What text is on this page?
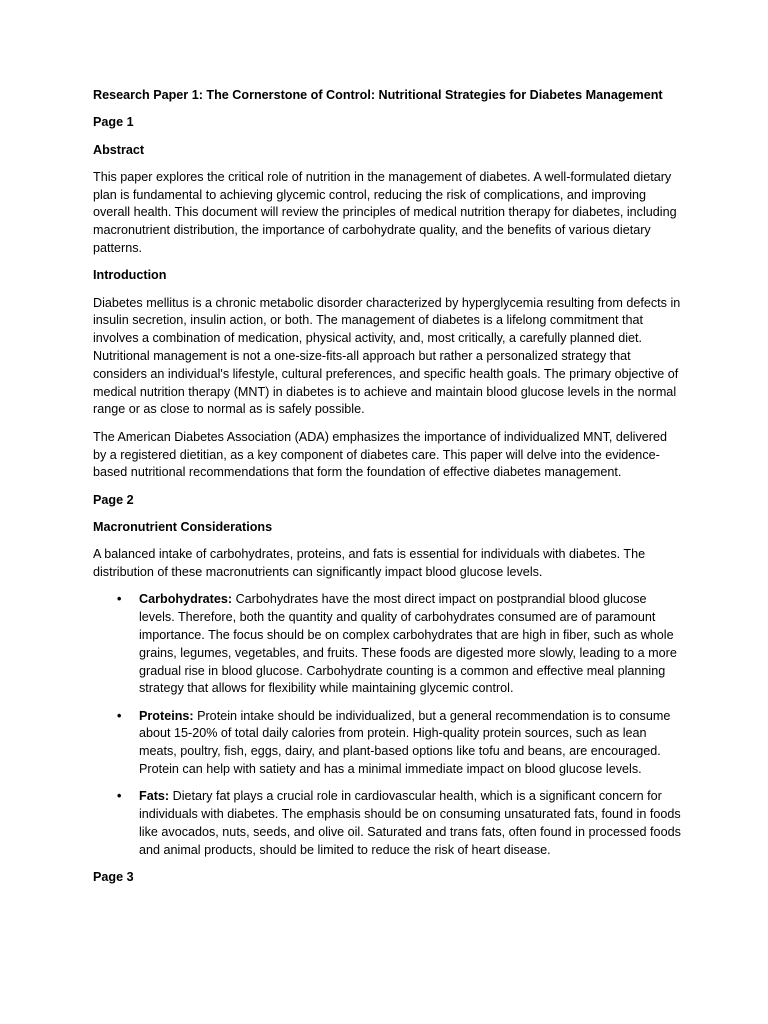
Research Paper 1: The Cornerstone of Control: Nutritional Strategies for Diabetes Management

Page 1

Abstract

This paper explores the critical role of nutrition in the management of diabetes. A well-formulated dietary plan is fundamental to achieving glycemic control, reducing the risk of complications, and improving overall health. This document will review the principles of medical nutrition therapy for diabetes, including macronutrient distribution, the importance of carbohydrate quality, and the benefits of various dietary patterns.

Introduction

Diabetes mellitus is a chronic metabolic disorder characterized by hyperglycemia resulting from defects in insulin secretion, insulin action, or both. The management of diabetes is a lifelong commitment that involves a combination of medication, physical activity, and, most critically, a carefully planned diet. Nutritional management is not a one-size-fits-all approach but rather a personalized strategy that considers an individual's lifestyle, cultural preferences, and specific health goals. The primary objective of medical nutrition therapy (MNT) in diabetes is to achieve and maintain blood glucose levels in the normal range or as close to normal as is safely possible.

The American Diabetes Association (ADA) emphasizes the importance of individualized MNT, delivered by a registered dietitian, as a key component of diabetes care. This paper will delve into the evidence-based nutritional recommendations that form the foundation of effective diabetes management.

Page 2

Macronutrient Considerations

A balanced intake of carbohydrates, proteins, and fats is essential for individuals with diabetes. The distribution of these macronutrients can significantly impact blood glucose levels.

• Carbohydrates: Carbohydrates have the most direct impact on postprandial blood glucose levels. Therefore, both the quantity and quality of carbohydrates consumed are of paramount importance. The focus should be on complex carbohydrates that are high in fiber, such as whole grains, legumes, vegetables, and fruits. These foods are digested more slowly, leading to a more gradual rise in blood glucose. Carbohydrate counting is a common and effective meal planning strategy that allows for flexibility while maintaining glycemic control.
• Proteins: Protein intake should be individualized, but a general recommendation is to consume about 15-20% of total daily calories from protein. High-quality protein sources, such as lean meats, poultry, fish, eggs, dairy, and plant-based options like tofu and beans, are encouraged. Protein can help with satiety and has a minimal immediate impact on blood glucose levels.
• Fats: Dietary fat plays a crucial role in cardiovascular health, which is a significant concern for individuals with diabetes. The emphasis should be on consuming unsaturated fats, found in foods like avocados, nuts, seeds, and olive oil. Saturated and trans fats, often found in processed foods and animal products, should be limited to reduce the risk of heart disease.

Page 3
